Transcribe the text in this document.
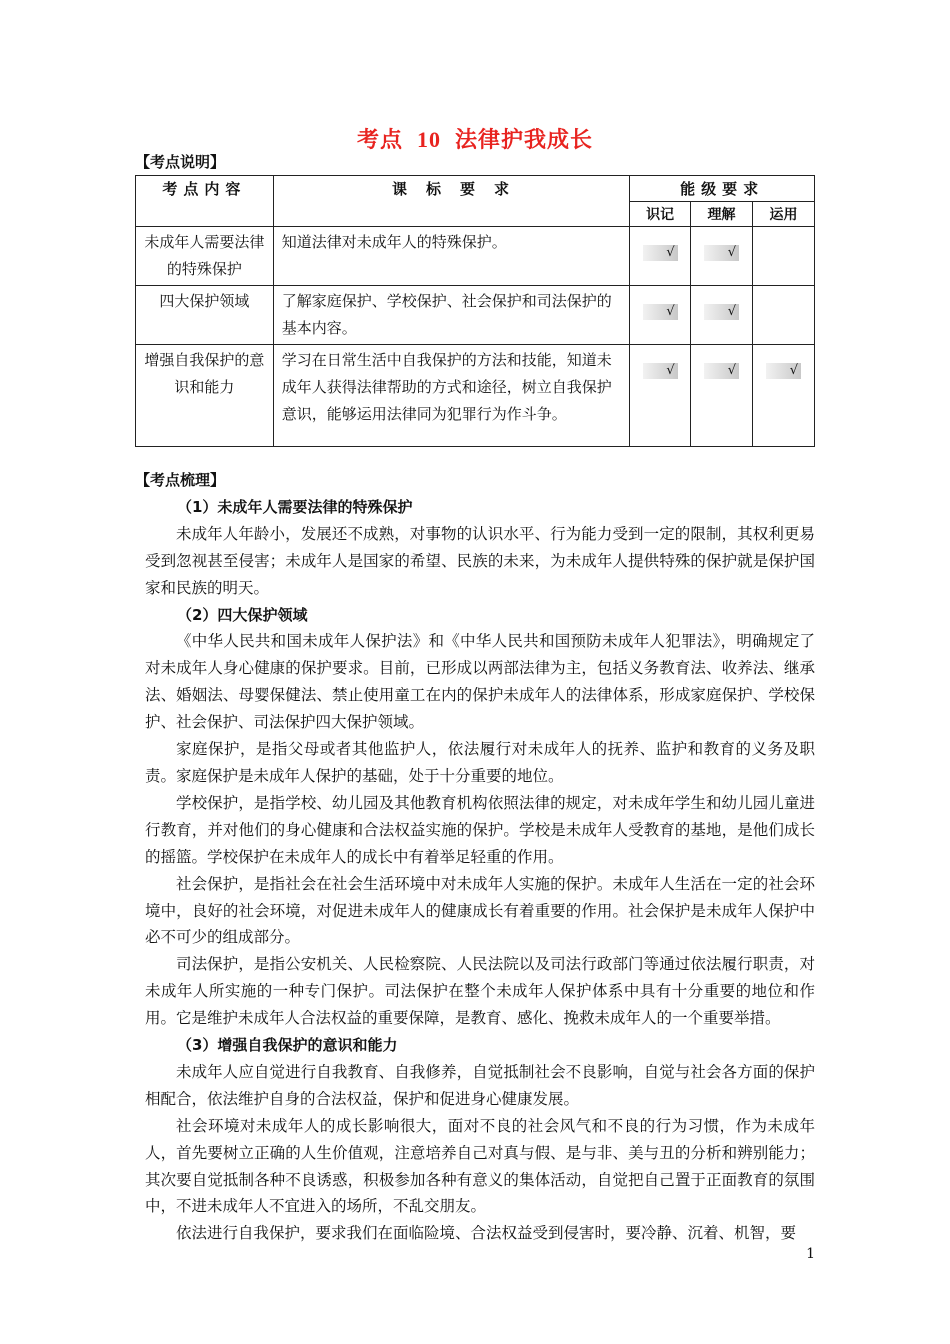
考点 10 法律护我成长
【考点说明】
考点内容	课　标　要　求	能级要求		
		识记	理解	运用
未成年人需要法律的特殊保护	知道法律对未成年人的特殊保护。	√	√	
四大保护领域	了解家庭保护、学校保护、社会保护和司法保护的基本内容。	√	√	
增强自我保护的意识和能力	学习在日常生活中自我保护的方法和技能，知道未成年人获得法律帮助的方式和途径，树立自我保护意识，能够运用法律同为犯罪行为作斗争。	√	√	√
【考点梳理】
（1）未成年人需要法律的特殊保护

未成年人年龄小，发展还不成熟，对事物的认识水平、行为能力受到一定的限制，其权利更易受到忽视甚至侵害；未成年人是国家的希望、民族的未来，为未成年人提供特殊的保护就是保护国家和民族的明天。

（2）四大保护领域

《中华人民共和国未成年人保护法》和《中华人民共和国预防未成年人犯罪法》，明确规定了对未成年人身心健康的保护要求。目前，已形成以两部法律为主，包括义务教育法、收养法、继承法、婚姻法、母婴保健法、禁止使用童工在内的保护未成年人的法律体系，形成家庭保护、学校保护、社会保护、司法保护四大保护领域。

家庭保护，是指父母或者其他监护人，依法履行对未成年人的抚养、监护和教育的义务及职责。家庭保护是未成年人保护的基础，处于十分重要的地位。

学校保护，是指学校、幼儿园及其他教育机构依照法律的规定，对未成年学生和幼儿园儿童进行教育，并对他们的身心健康和合法权益实施的保护。学校是未成年人受教育的基地，是他们成长的摇篮。学校保护在未成年人的成长中有着举足轻重的作用。

社会保护，是指社会在社会生活环境中对未成年人实施的保护。未成年人生活在一定的社会环境中，良好的社会环境，对促进未成年人的健康成长有着重要的作用。社会保护是未成年人保护中必不可少的组成部分。

司法保护，是指公安机关、人民检察院、人民法院以及司法行政部门等通过依法履行职责，对未成年人所实施的一种专门保护。司法保护在整个未成年人保护体系中具有十分重要的地位和作用。它是维护未成年人合法权益的重要保障，是教育、感化、挽救未成年人的一个重要举措。

（3）增强自我保护的意识和能力

未成年人应自觉进行自我教育、自我修养，自觉抵制社会不良影响，自觉与社会各方面的保护相配合，依法维护自身的合法权益，保护和促进身心健康发展。

社会环境对未成年人的成长影响很大，面对不良的社会风气和不良的行为习惯，作为未成年人，首先要树立正确的人生价值观，注意培养自己对真与假、是与非、美与丑的分析和辨别能力；其次要自觉抵制各种不良诱惑，积极参加各种有意义的集体活动，自觉把自己置于正面教育的氛围中，不进未成年人不宜进入的场所，不乱交朋友。

依法进行自我保护，要求我们在面临险境、合法权益受到侵害时，要冷静、沉着、机智，要

1
